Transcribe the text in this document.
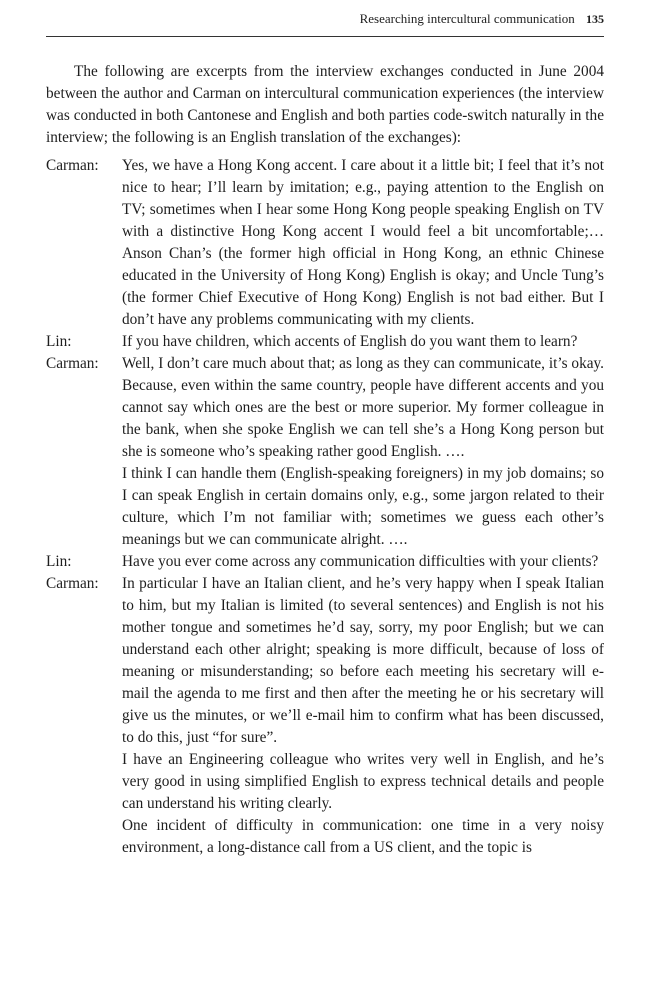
Researching intercultural communication 135

The following are excerpts from the interview exchanges conducted in June 2004 between the author and Carman on intercultural communication experiences (the interview was conducted in both Cantonese and English and both parties code-switch naturally in the interview; the following is an English translation of the exchanges):

Carman:	Yes, we have a Hong Kong accent. I care about it a little bit; I feel that it’s not nice to hear; I’ll learn by imitation; e.g., paying attention to the English on TV; sometimes when I hear some Hong Kong people speaking English on TV with a distinctive Hong Kong accent I would feel a bit uncomfortable;… Anson Chan’s (the former high official in Hong Kong, an ethnic Chinese educated in the University of Hong Kong) English is okay; and Uncle Tung’s (the former Chief Executive of Hong Kong) English is not bad either. But I don’t have any problems communicating with my clients.

Lin:	If you have children, which accents of English do you want them to learn?

Carman:	Well, I don’t care much about that; as long as they can communicate, it’s okay. Because, even within the same country, people have different accents and you cannot say which ones are the best or more superior. My former colleague in the bank, when she spoke English we can tell she’s a Hong Kong person but she is someone who’s speaking rather good English. ….

I think I can handle them (English-speaking foreigners) in my job domains; so I can speak English in certain domains only, e.g., some jargon related to their culture, which I’m not familiar with; sometimes we guess each other’s meanings but we can communicate alright. ….

Lin:	Have you ever come across any communication difficulties with your clients?

Carman:	In particular I have an Italian client, and he’s very happy when I speak Italian to him, but my Italian is limited (to several sentences) and English is not his mother tongue and sometimes he’d say, sorry, my poor English; but we can understand each other alright; speaking is more difficult, because of loss of meaning or misunderstanding; so before each meeting his secretary will e-mail the agenda to me first and then after the meeting he or his secretary will give us the minutes, or we’ll e-mail him to confirm what has been discussed, to do this, just “for sure”.

I have an Engineering colleague who writes very well in English, and he’s very good in using simplified English to express technical details and people can understand his writing clearly.

One incident of difficulty in communication: one time in a very noisy environment, a long-distance call from a US client, and the topic is
